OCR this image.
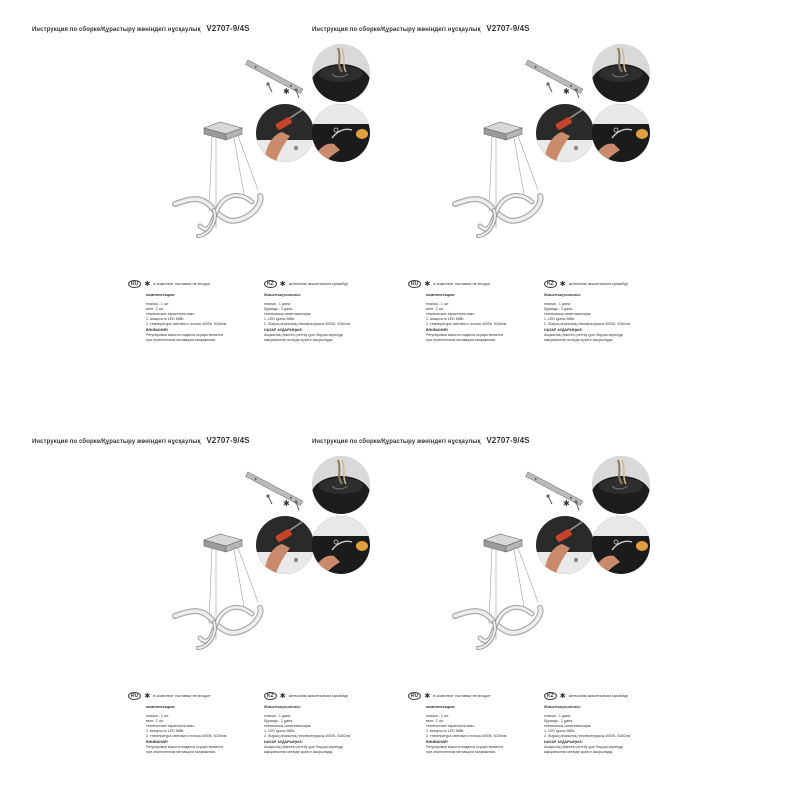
Инструкция по сборке/Құрастыру жөніндегі нұсқаулық V2707-9/4S
✱
RU ✱ в комплект поставки не входит	KZ ✱ жеткізілім жиынтығына кірмейді
комплектация:
планка - 1 шт.
винт- 2 шт.
технические характеристики:
1. мощность LED 58Вт.
2. температура светового потока 4000К, 6160лм
ВНИМАНИЕ!
Регулировка высоты подвеса осуществляется
при отключенном питающем напряжении.
Жиынтықтылығы:
планка - 1 дана.
бұрандо - 2 дана.
техникалық сипаттамалары:
1. LED қуаты 58Вт.
2. Жарық ағынының температурасы 4000К, 6160лм
НАЗАР АУДАРЫҢЫЗ!
Асқыштың биіктігін реттеу қуат беруші кернеуді
ажыратылған кезінде жүзеге асырылады.
Инструкция по сборке/Құрастыру жөніндегі нұсқаулық V2707-9/4S
✱
RU ✱ в комплект поставки не входит	KZ ✱ жеткізілім жиынтығына кірмейді
комплектация:
планка - 1 шт.
винт- 2 шт.
технические характеристики:
1. мощность LED 58Вт.
2. температура светового потока 4000К, 6160лм
ВНИМАНИЕ!
Регулировка высоты подвеса осуществляется
при отключенном питающем напряжении.
Жиынтықтылығы:
планка - 1 дана.
бұрандо - 2 дана.
техникалық сипаттамалары:
1. LED қуаты 58Вт.
2. Жарық ағынының температурасы 4000К, 6160лм
НАЗАР АУДАРЫҢЫЗ!
Асқыштың биіктігін реттеу қуат беруші кернеуді
ажыратылған кезінде жүзеге асырылады.
Инструкция по сборке/Құрастыру жөніндегі нұсқаулық V2707-9/4S
✱
RU ✱ в комплект поставки не входит	KZ ✱ жеткізілім жиынтығына кірмейді
комплектация:
планка - 1 шт.
винт- 2 шт.
технические характеристики:
1. мощность LED 58Вт.
2. температура светового потока 4000К, 6160лм
ВНИМАНИЕ!
Регулировка высоты подвеса осуществляется
при отключенном питающем напряжении.
Жиынтықтылығы:
планка - 1 дана.
бұрандо - 2 дана.
техникалық сипаттамалары:
1. LED қуаты 58Вт.
2. Жарық ағынының температурасы 4000К, 6160лм
НАЗАР АУДАРЫҢЫЗ!
Асқыштың биіктігін реттеу қуат беруші кернеуді
ажыратылған кезінде жүзеге асырылады.
Инструкция по сборке/Құрастыру жөніндегі нұсқаулық V2707-9/4S
✱
RU ✱ в комплект поставки не входит	KZ ✱ жеткізілім жиынтығына кірмейді
комплектация:
планка - 1 шт.
винт- 2 шт.
технические характеристики:
1. мощность LED 58Вт.
2. температура светового потока 4000К, 6160лм
ВНИМАНИЕ!
Регулировка высоты подвеса осуществляется
при отключенном питающем напряжении.
Жиынтықтылығы:
планка - 1 дана.
бұрандо - 2 дана.
техникалық сипаттамалары:
1. LED қуаты 58Вт.
2. Жарық ағынының температурасы 4000К, 6160лм
НАЗАР АУДАРЫҢЫЗ!
Асқыштың биіктігін реттеу қуат беруші кернеуді
ажыратылған кезінде жүзеге асырылады.
